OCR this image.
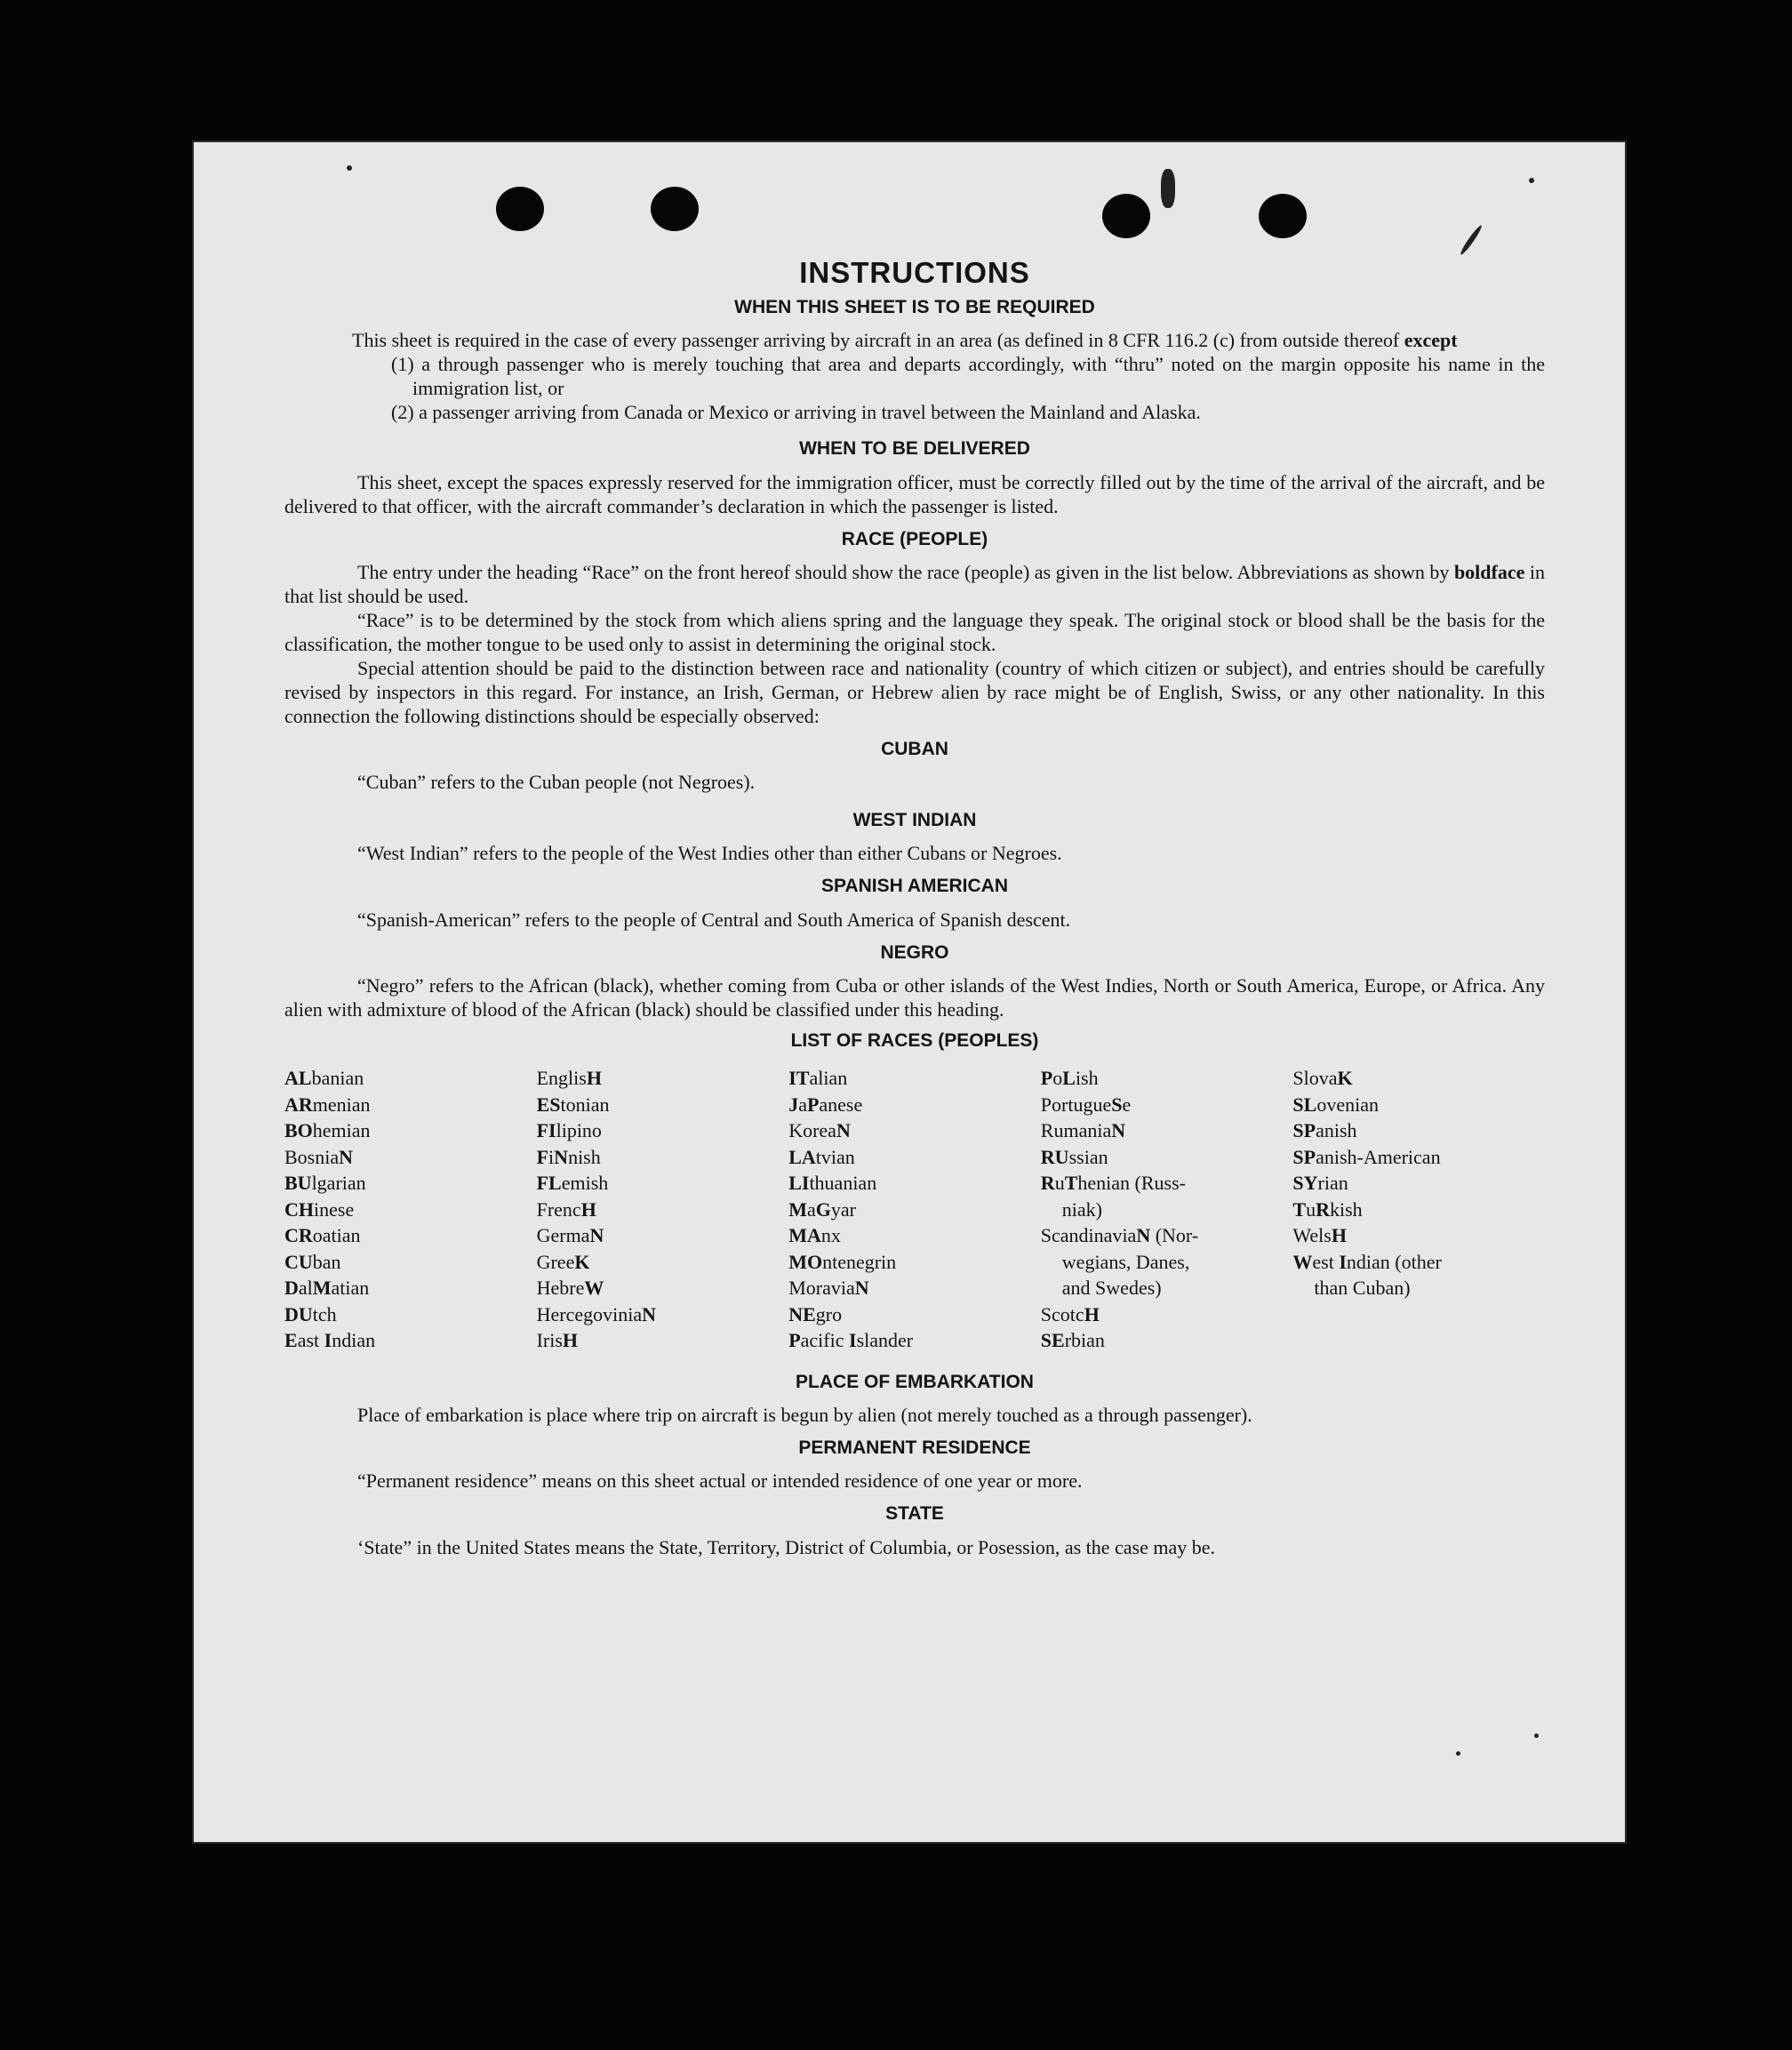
INSTRUCTIONS
WHEN THIS SHEET IS TO BE REQUIRED

This sheet is required in the case of every passenger arriving by aircraft in an area (as defined in 8 CFR 116.2 (c) from outside thereof except

(1) a through passenger who is merely touching that area and departs accordingly, with “thru” noted on the margin opposite his name in the immigration list, or
(2) a passenger arriving from Canada or Mexico or arriving in travel between the Mainland and Alaska.
WHEN TO BE DELIVERED

This sheet, except the spaces expressly reserved for the immigration officer, must be correctly filled out by the time of the arrival of the aircraft, and be delivered to that officer, with the aircraft commander’s declaration in which the passenger is listed.

RACE (PEOPLE)

The entry under the heading “Race” on the front hereof should show the race (people) as given in the list below. Abbreviations as shown by boldface in that list should be used.

“Race” is to be determined by the stock from which aliens spring and the language they speak. The original stock or blood shall be the basis for the classification, the mother tongue to be used only to assist in determining the original stock.

Special attention should be paid to the distinction between race and nationality (country of which citizen or subject), and entries should be carefully revised by inspectors in this regard. For instance, an Irish, German, or Hebrew alien by race might be of English, Swiss, or any other nationality. In this connection the following distinctions should be especially observed:

CUBAN

“Cuban” refers to the Cuban people (not Negroes).

WEST INDIAN

“West Indian” refers to the people of the West Indies other than either Cubans or Negroes.

SPANISH AMERICAN

“Spanish-American” refers to the people of Central and South America of Spanish descent.

NEGRO

“Negro” refers to the African (black), whether coming from Cuba or other islands of the West Indies, North or South America, Europe, or Africa. Any alien with admixture of blood of the African (black) should be classified under this heading.

LIST OF RACES (PEOPLES)
ALbanian
ARmenian
BOhemian
BosniaN
BUlgarian
CHinese
CRoatian
CUban
DalMatian
DUtch
East Indian
EnglisH
EStonian
FIlipino
FiNnish
FLemish
FrencH
GermaN
GreeK
HebreW
HercegoviniaN
IrisH
ITalian
JaPanese
KoreaN
LAtvian
LIthuanian
MaGyar
MAnx
MOntenegrin
MoraviaN
NEgro
Pacific Islander
PoLish
PortugueSe
RumaniaN
RUssian
RuThenian (Russ-
niak)
ScandinaviaN (Nor-
wegians, Danes,
and Swedes)
ScotcH
SErbian
SlovaK
SLovenian
SPanish
SPanish-American
SYrian
TuRkish
WelsH
West Indian (other
than Cuban)
PLACE OF EMBARKATION

Place of embarkation is place where trip on aircraft is begun by alien (not merely touched as a through passenger).

PERMANENT RESIDENCE

“Permanent residence” means on this sheet actual or intended residence of one year or more.

STATE

‘State” in the United States means the State, Territory, District of Columbia, or Posession, as the case may be.
